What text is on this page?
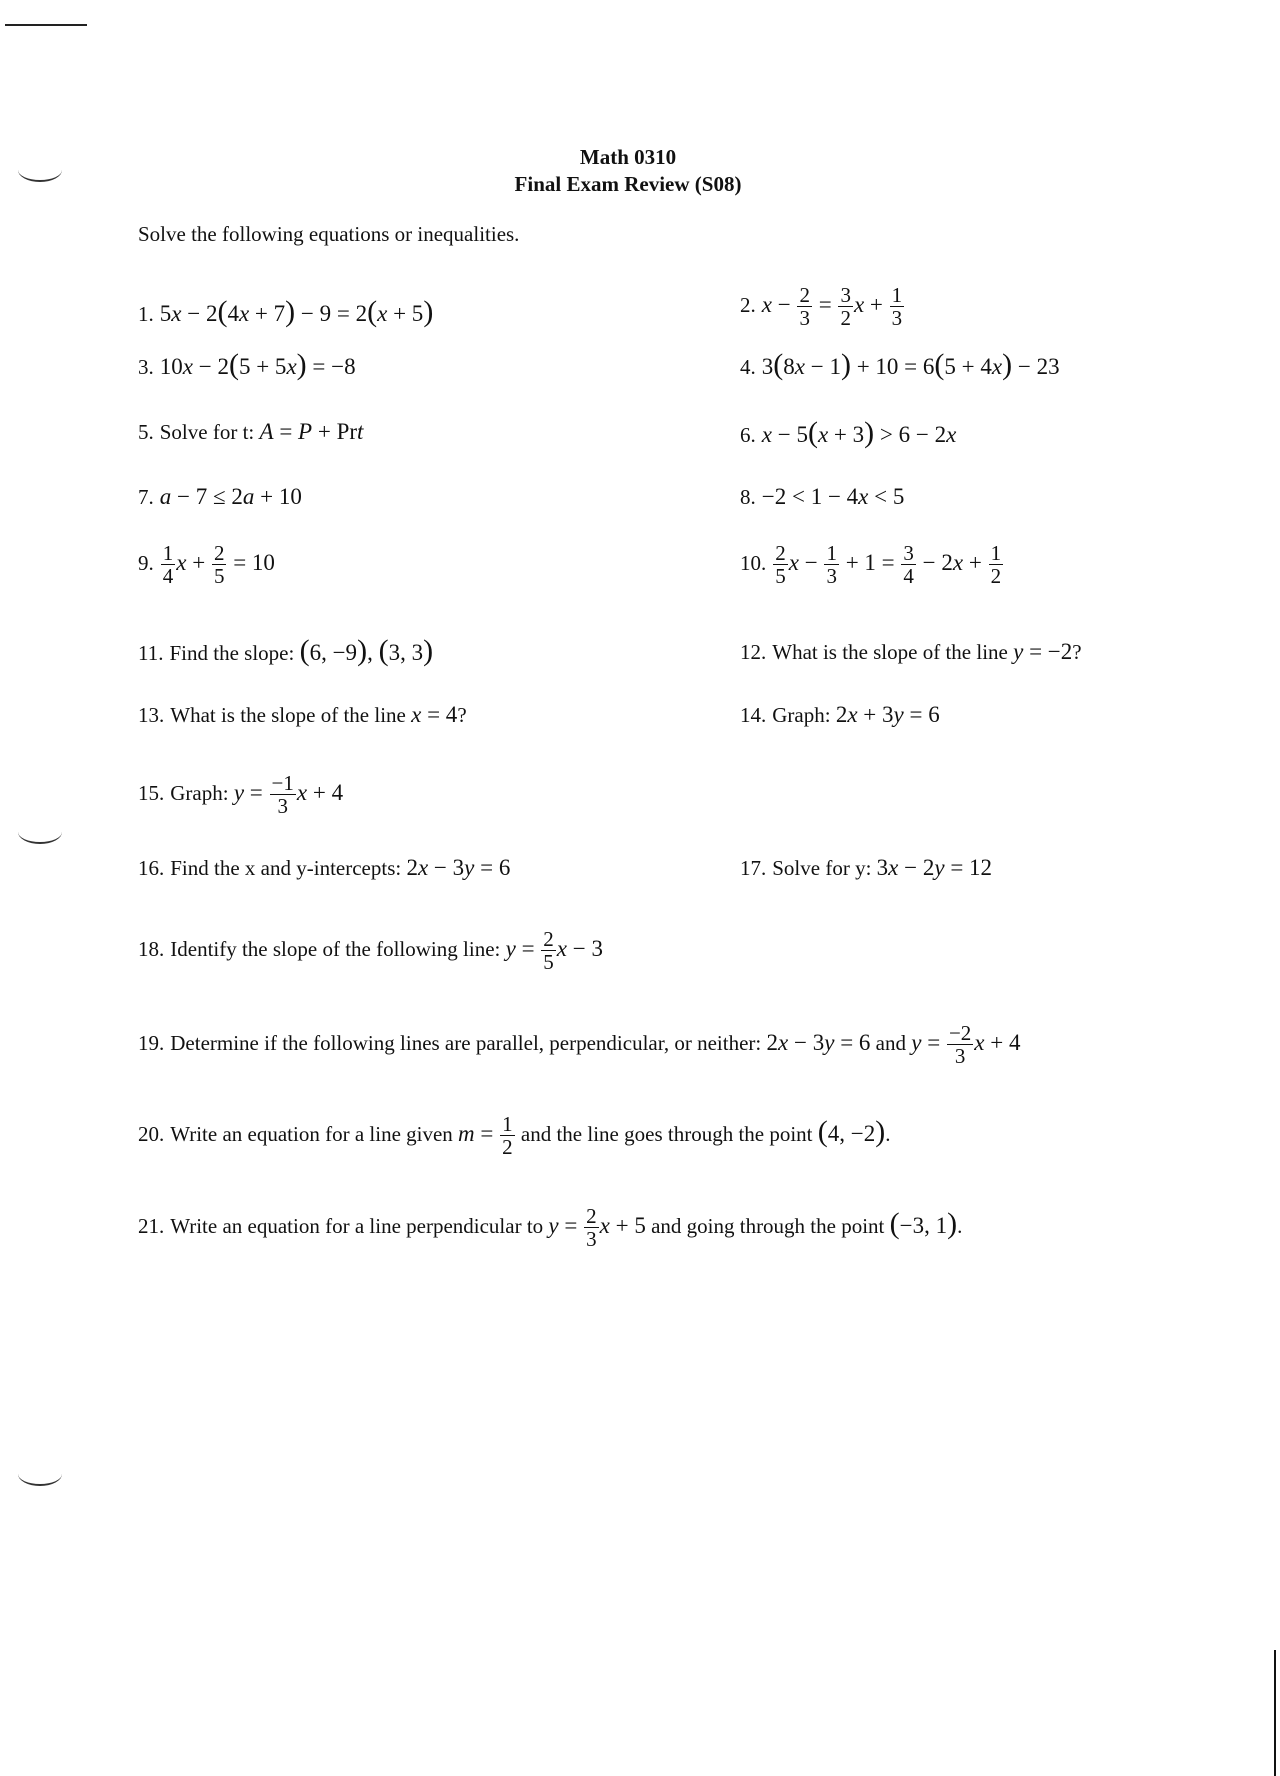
Math 0310
Final Exam Review (S08)
Solve the following equations or inequalities.
1. 5x − 2(4x + 7) − 9 = 2(x + 5)	2. $x - \frac{2}{3} = \frac{3}{2}$ $x + \frac{1}{3}$
3. 10x − 2(5 + 5x) = −8	4. 3(8x − 1) + 10 = 6(5 + 4x) − 23
5. Solve for t: A = P + Prt	6. x − 5(x + 3) > 6 − 2x
7. a − 7 ≤ 2a + 10	8. −2 < 1 − 4x < 5
9. $\frac{1}{4}$ $x + \frac{2}{5} = 10$	10. $\frac{2}{5}$ $x - \frac{1}{3} + 1 = \frac{3}{4} - 2x + \frac{1}{2}$
11. Find the slope: (6, −9), (3, 3)	12. What is the slope of the line y = −2?
13. What is the slope of the line x = 4?	14. Graph: 2x + 3y = 6
15. Graph: $y = \frac{-1}{3}$ x + 4
16. Find the x and y-intercepts: 2x − 3y = 6	17. Solve for y: 3x − 2y = 12
18. Identify the slope of the following line: $y = \frac{2}{5}$ x − 3
19. Determine if the following lines are parallel, perpendicular, or neither: 2x − 3y = 6 and $y = \frac{-2}{3}$ x + 4
20. Write an equation for a line given $m = \frac{1}{2}$ and the line goes through the point (4, −2).
21. Write an equation for a line perpendicular to $y = \frac{2}{3}$ x + 5 and going through the point (−3, 1).
